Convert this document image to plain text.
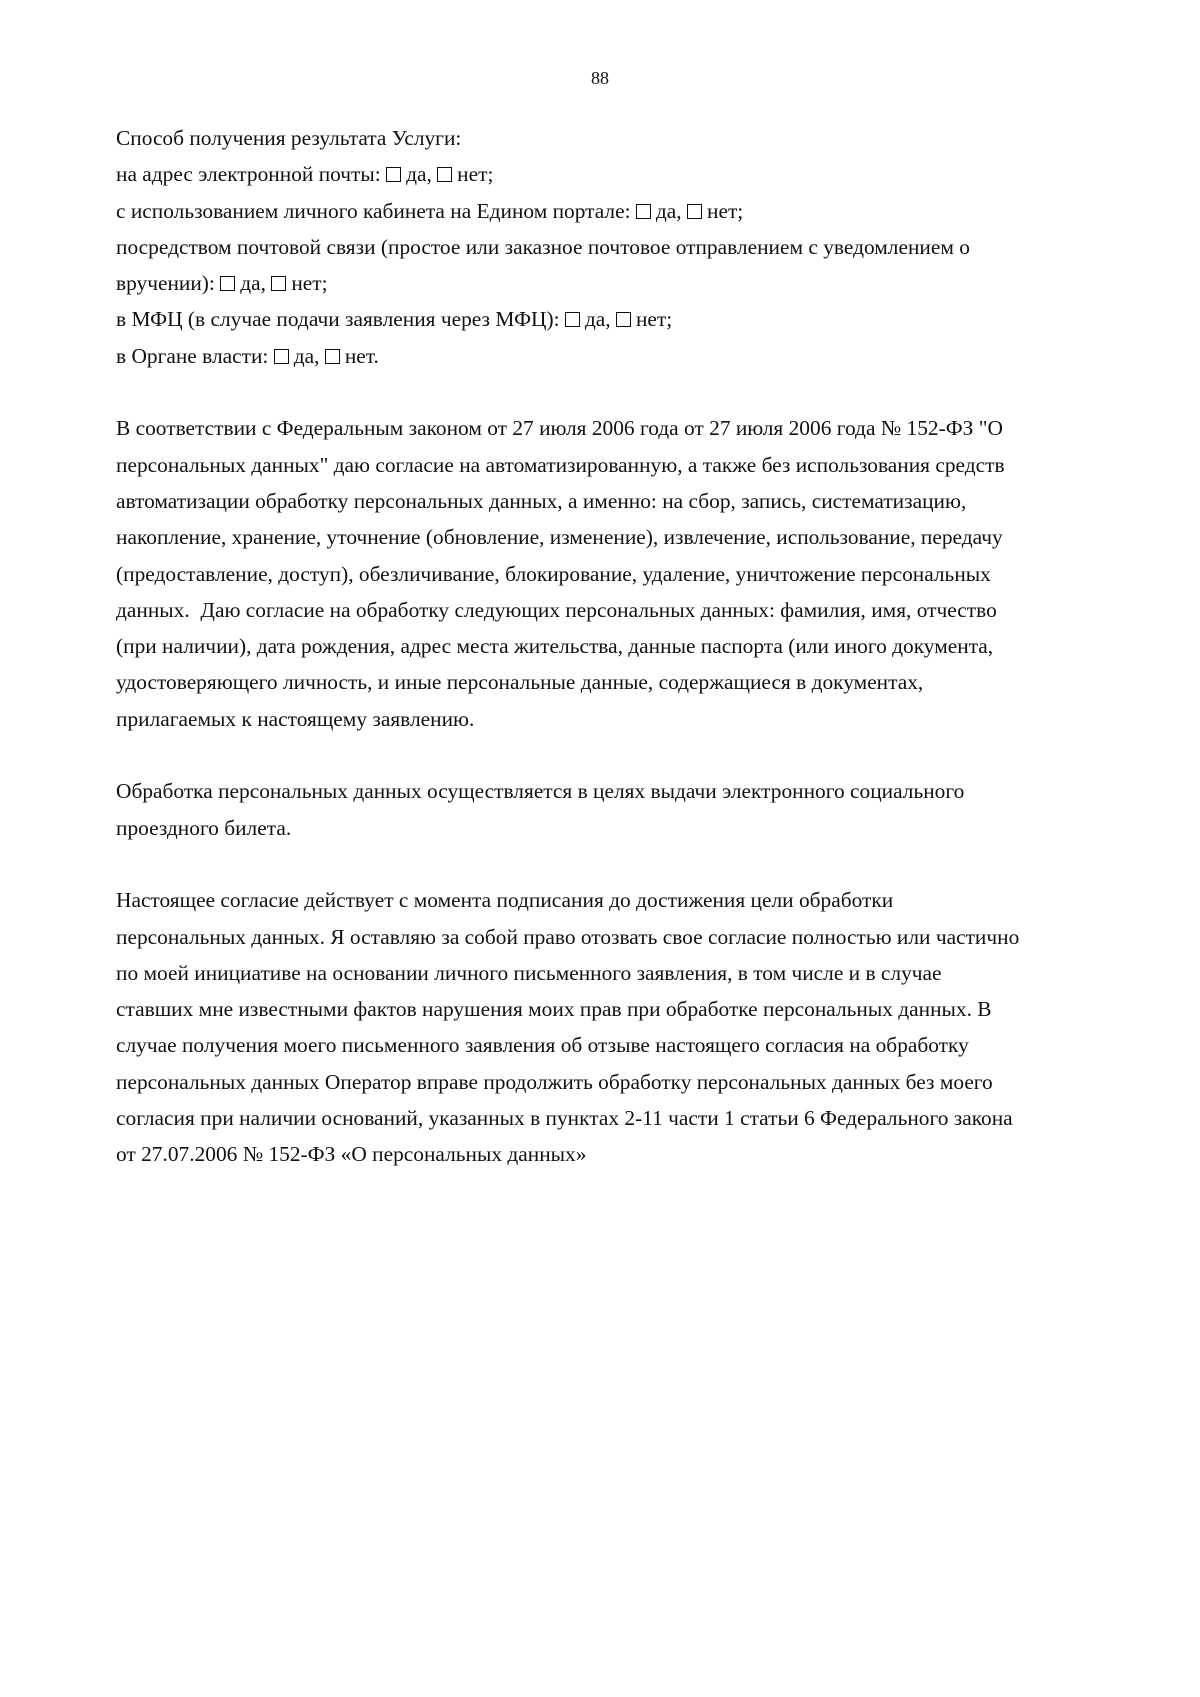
88
Способ получения результата Услуги:
на адрес электронной почты: да, нет;
с использованием личного кабинета на Едином портале: да, нет;
посредством почтовой связи (простое или заказное почтовое отправлением с уведомлением о
вручении): да, нет;
в МФЦ (в случае подачи заявления через МФЦ): да, нет;
в Органе власти: да, нет.
В соответствии с Федеральным законом от 27 июля 2006 года от 27 июля 2006 года № 152-ФЗ "О
персональных данных" даю согласие на автоматизированную, а также без использования средств
автоматизации обработку персональных данных, а именно: на сбор, запись, систематизацию,
накопление, хранение, уточнение (обновление, изменение), извлечение, использование, передачу
(предоставление, доступ), обезличивание, блокирование, удаление, уничтожение персональных
данных.  Даю согласие на обработку следующих персональных данных: фамилия, имя, отчество
(при наличии), дата рождения, адрес места жительства, данные паспорта (или иного документа,
удостоверяющего личность, и иные персональные данные, содержащиеся в документах,
прилагаемых к настоящему заявлению.
Обработка персональных данных осуществляется в целях выдачи электронного социального
проездного билета.
Настоящее согласие действует с момента подписания до достижения цели обработки
персональных данных. Я оставляю за собой право отозвать свое согласие полностью или частично
по моей инициативе на основании личного письменного заявления, в том числе и в случае
ставших мне известными фактов нарушения моих прав при обработке персональных данных. В
случае получения моего письменного заявления об отзыве настоящего согласия на обработку
персональных данных Оператор вправе продолжить обработку персональных данных без моего
согласия при наличии оснований, указанных в пунктах 2-11 части 1 статьи 6 Федерального закона
от 27.07.2006 № 152-ФЗ «О персональных данных»
